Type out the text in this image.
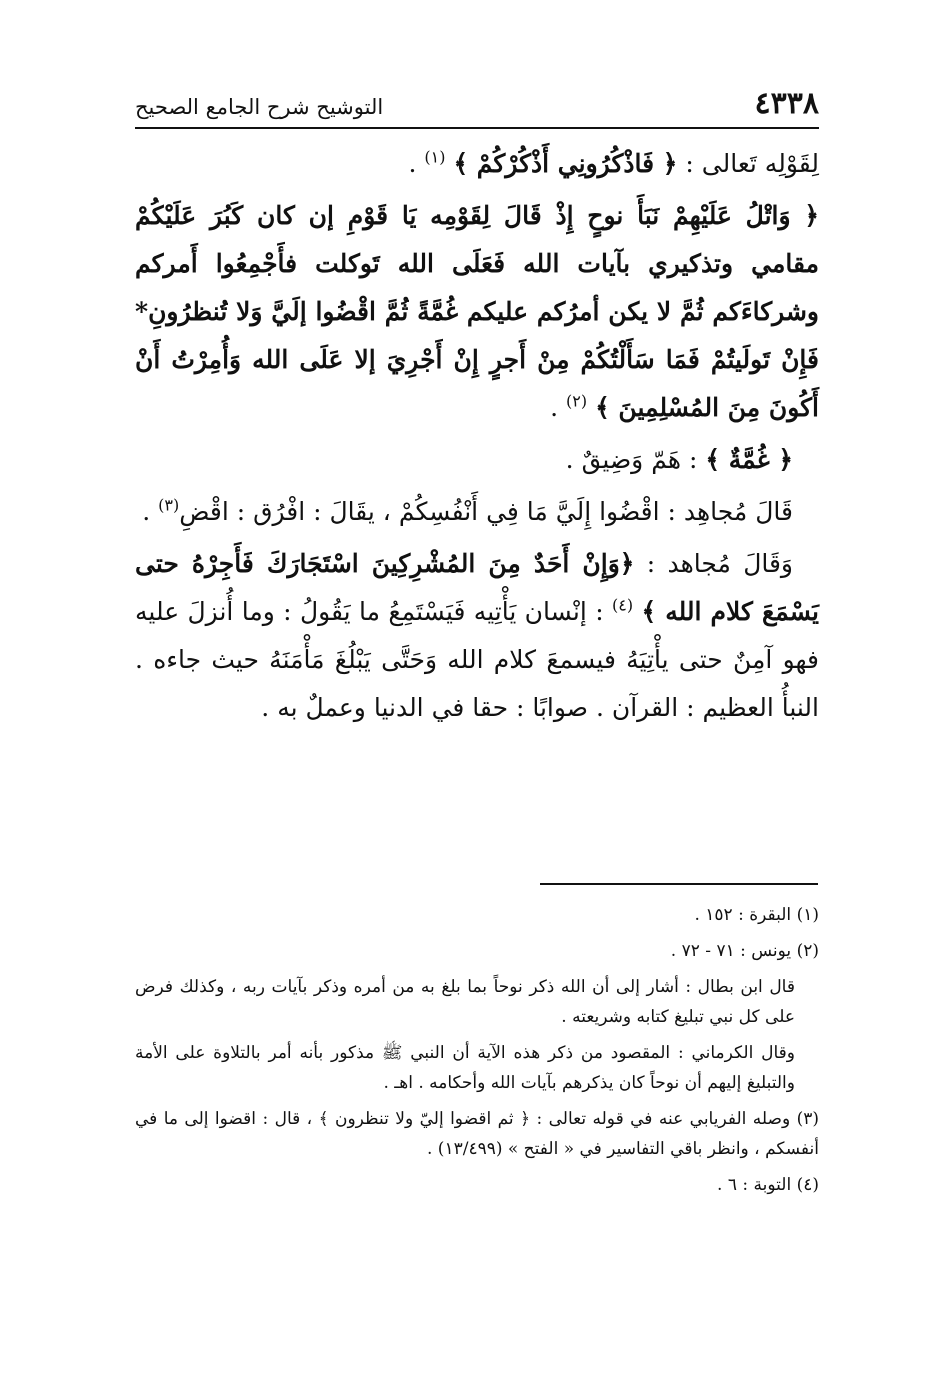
٤٣٣٨
التوشيح شرح الجامع الصحيح

لِقَوْلِه تَعالى : ﴿ فَاذْكُرُونِي أَذْكُرْكُمْ ﴾ $^{(١)}$ .

﴿ وَاتْلُ عَلَيْهِمْ نَبَأَ نوحٍ إِذْ قَالَ لِقَوْمِه يَا قَوْمِ إن كان كَبُرَ عَلَيْكُمْ مقامي وتذكيري بآيات الله فَعَلَى الله تَوكلت فأَجْمِعُوا أَمركم وشركاءَكم ثُمَّ لا يكن أمرُكم عليكم غُمَّةً ثُمَّ اقْضُوا إلَيَّ وَلا تُنظرُونِ* فَإِنْ تَولَيتُمْ فَمَا سَأَلْتُكُمْ مِنْ أَجرٍ إِنْ أَجْرِيَ إلا عَلَى الله وَأُمِرْتُ أَنْ أَكُونَ مِنَ المُسْلِمِينَ ﴾ $^{(٢)}$ .

﴿ غُمَّةٌ ﴾ : هَمّ وَضِيقٌ .

قَالَ مُجاهِد : اقْضُوا إِلَيَّ مَا فِي أَنْفُسِكُمْ ، يقَالَ : افْرُق : اقْضِ$^{(٣)}$ .

وَقَالَ مُجاهد : ﴿وَإِنْ أَحَدٌ مِنَ المُشْرِكِينَ اسْتَجَارَكَ فَأَجِرْهُ حتى يَسْمَعَ كلام الله ﴾ $^{(٤)}$ : إنْسان يَأْتِيه فَيَسْتَمِعُ ما يَقُولُ : وما أُنزلَ عليه فهو آمِنٌ حتى يأْتِيَهُ فيسمعَ كلام الله وَحَتَّى يَبْلُغَ مَأْمَنَهُ حيث جاءه . النبأُ العظيم : القرآن . صوابًا : حقا في الدنيا وعملٌ به .

(١) البقرة : ١٥٢ .

(٢) يونس : ٧١ - ٧٢ .

قال ابن بطال : أشار إلى أن الله ذكر نوحاً بما بلغ به من أمره وذكر بآيات ربه ، وكذلك فرض على كل نبي تبليغ كتابه وشريعته .

وقال الكرماني : المقصود من ذكر هذه الآية أن النبي ﷺ مذكور بأنه أمر بالتلاوة على الأمة والتبليغ إليهم أن نوحاً كان يذكرهم بآيات الله وأحكامه . اهـ .

(٣) وصله الفريابي عنه في قوله تعالى : ﴿ ثم اقضوا إليّ ولا تنظرون ﴾ ، قال : اقضوا إلى ما في أنفسكم ، وانظر باقي التفاسير في « الفتح » (١٣/٤٩٩) .

(٤) التوبة : ٦ .
